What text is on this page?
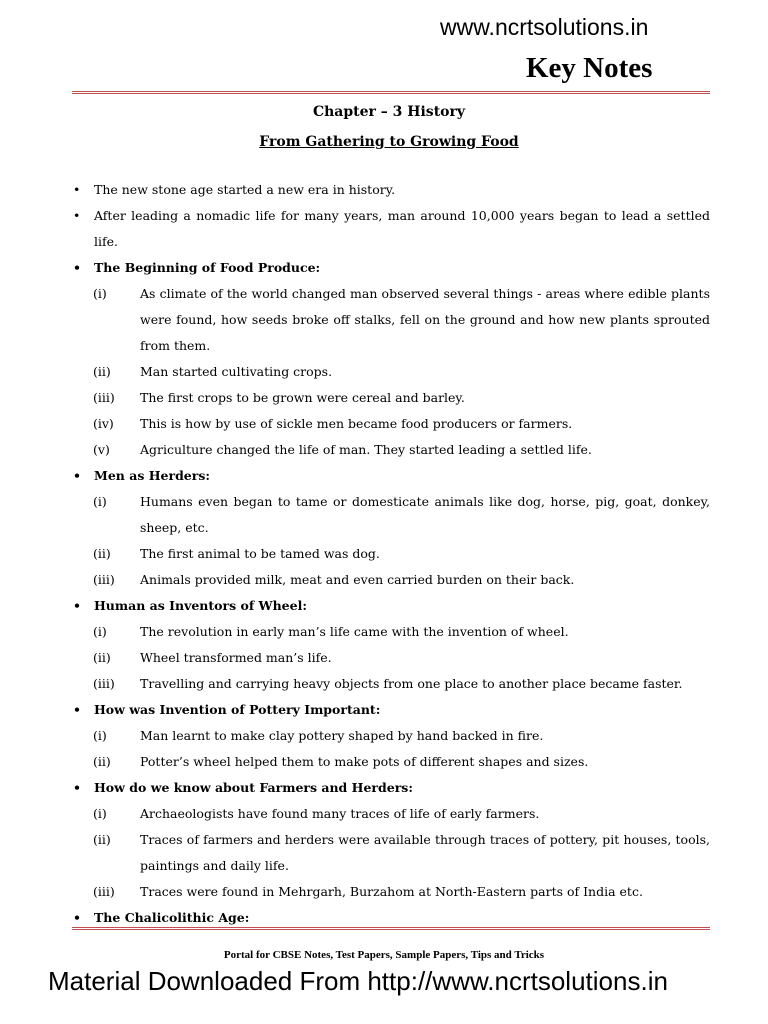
www.ncrtsolutions.in
Key Notes
Chapter – 3 History
From Gathering to Growing Food
• The new stone age started a new era in history.
• After leading a nomadic life for many years, man around 10,000 years began to lead a settled life.
• The Beginning of Food Produce:
(i)	As climate of the world changed man observed several things - areas where edible plants were found, how seeds broke off stalks, fell on the ground and how new plants sprouted from them.
(ii) Man started cultivating crops.
(iii) The first crops to be grown were cereal and barley.
(iv) This is how by use of sickle men became food producers or farmers.
(v) Agriculture changed the life of man. They started leading a settled life.
• Men as Herders:
(i)	Humans even began to tame or domesticate animals like dog, horse, pig, goat, donkey, sheep, etc.
(ii) The first animal to be tamed was dog.
(iii) Animals provided milk, meat and even carried burden on their back.
• Human as Inventors of Wheel:
(i)	The revolution in early man’s life came with the invention of wheel.
(ii) Wheel transformed man’s life.
(iii) Travelling and carrying heavy objects from one place to another place became faster.
• How was Invention of Pottery Important:
(i)	Man learnt to make clay pottery shaped by hand backed in fire.
(ii) Potter’s wheel helped them to make pots of different shapes and sizes.
• How do we know about Farmers and Herders:
(i)	Archaeologists have found many traces of life of early farmers.
(ii) Traces of farmers and herders were available through traces of pottery, pit houses, tools, paintings and daily life.
(iii) Traces were found in Mehrgarh, Burzahom at North-Eastern parts of India etc.
• The Chalicolithic Age:
Portal for CBSE Notes, Test Papers, Sample Papers, Tips and Tricks
Material Downloaded From http://www.ncrtsolutions.in
